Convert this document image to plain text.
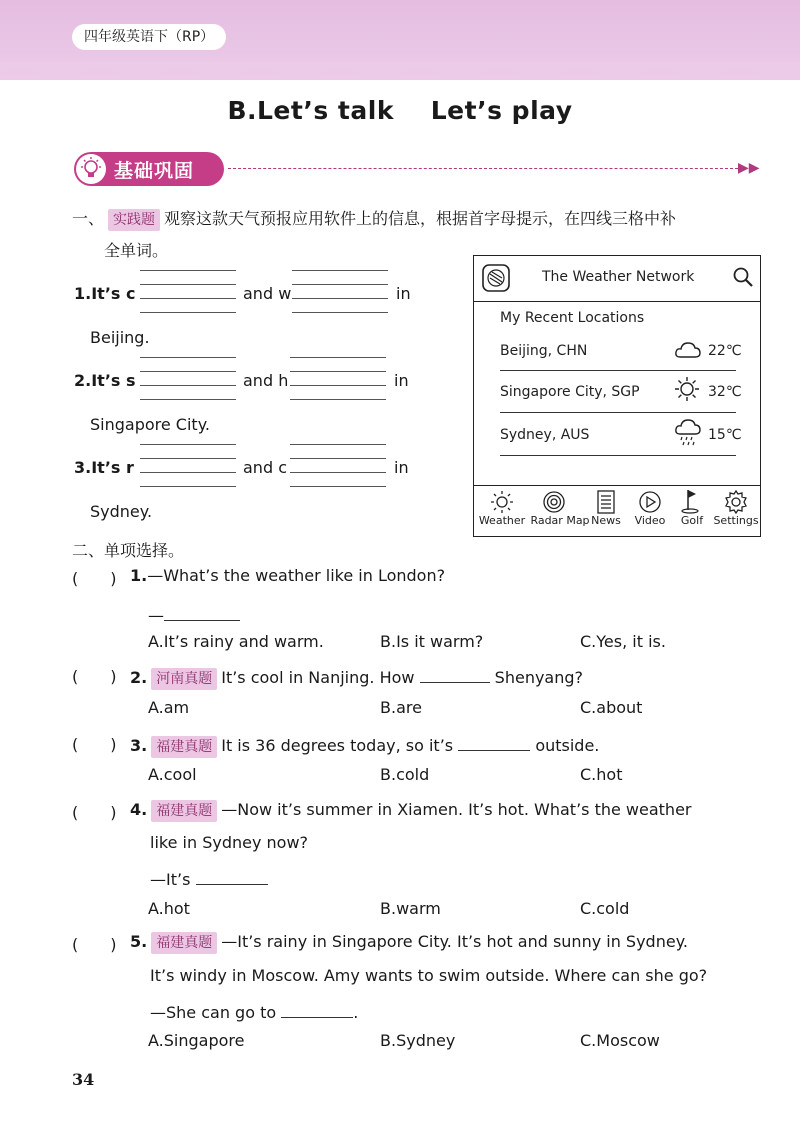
四年级英语下（RP）
B.Let’s talk    Let’s play
基础巩固	▶▶
一、 实践题 观察这款天气预报应用软件上的信息，根据首字母提示，在四线三格中补
全单词。
1.It’s c	and w	in
Beijing.
2.It’s s	and h	in
Singapore City.
3.It’s r	and c	in
Sydney.
The Weather Network
My Recent Locations
Beijing, CHN	22℃
Singapore City, SGP	32℃
Sydney, AUS	15℃
Weather Radar Map News	Video	Golf Settings
二、单项选择。
(　　) 1.—What’s the weather like in London?
—
A.It’s rainy and warm.	B.Is it warm?	C.Yes, it is.
(　　) 2. 河南真题 It’s cool in Nanjing. How	Shenyang?
A.am	B.are	C.about
(　　) 3. 福建真题 It is 36 degrees today, so it’s	outside.
A.cool	B.cold	C.hot
(　　) 4. 福建真题 —Now it’s summer in Xiamen. It’s hot. What’s the weather
like in Sydney now?
—It’s
A.hot	B.warm	C.cold
(　　) 5. 福建真题 —It’s rainy in Singapore City. It’s hot and sunny in Sydney.
It’s windy in Moscow. Amy wants to swim outside. Where can she go?
—She can go to	.
A.Singapore	B.Sydney	C.Moscow
34
